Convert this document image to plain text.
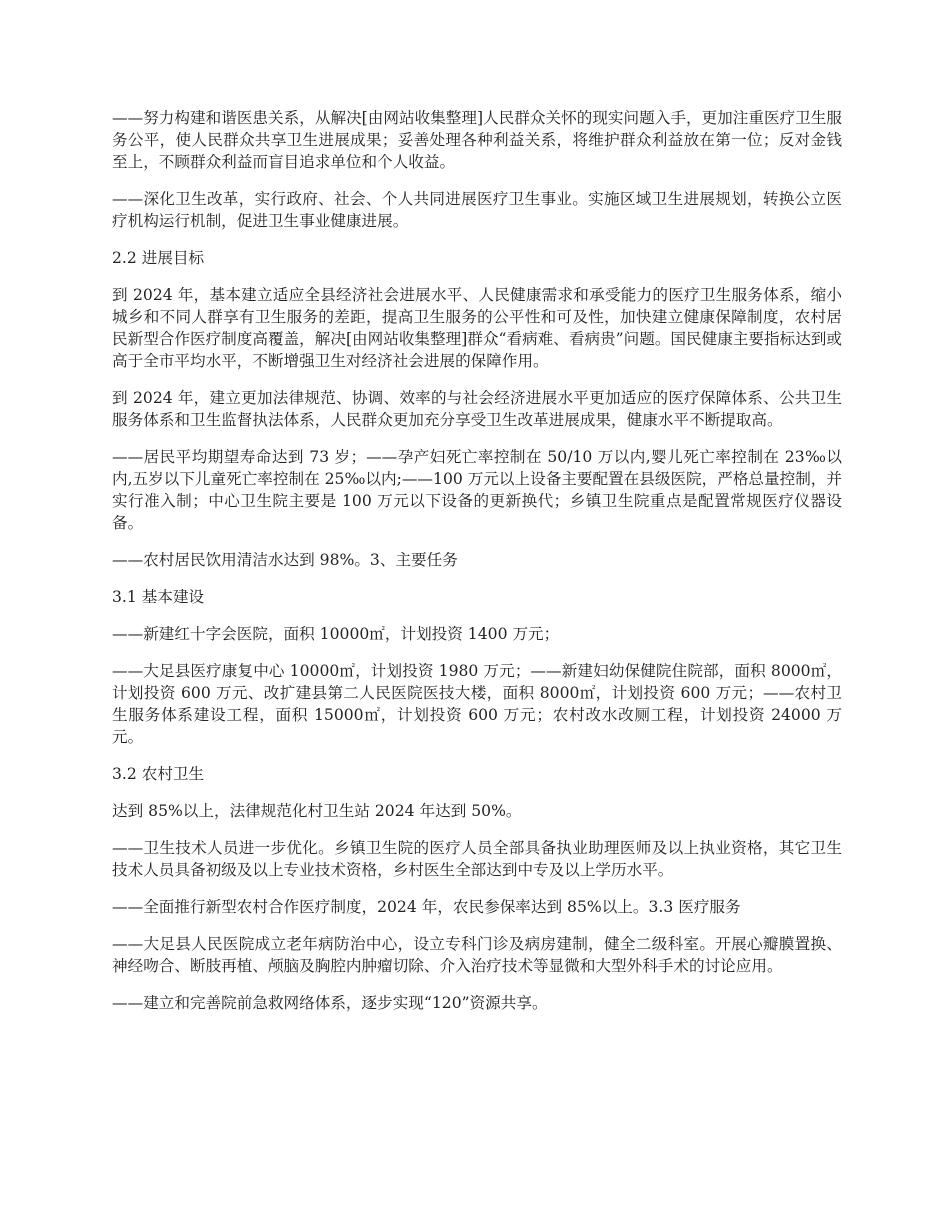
——努力构建和谐医患关系，从解决[由网站收集整理]人民群众关怀的现实问题入手，更加注重医疗卫生服务公平，使人民群众共享卫生进展成果；妥善处理各种利益关系，将维护群众利益放在第一位；反对金钱至上，不顾群众利益而盲目追求单位和个人收益。

——深化卫生改革，实行政府、社会、个人共同进展医疗卫生事业。实施区域卫生进展规划，转换公立医疗机构运行机制，促进卫生事业健康进展。

2.2 进展目标

到 2024 年，基本建立适应全县经济社会进展水平、人民健康需求和承受能力的医疗卫生服务体系，缩小城乡和不同人群享有卫生服务的差距，提高卫生服务的公平性和可及性，加快建立健康保障制度，农村居民新型合作医疗制度高覆盖，解决[由网站收集整理]群众“看病难、看病贵”问题。国民健康主要指标达到或高于全市平均水平，不断增强卫生对经济社会进展的保障作用。

到 2024 年，建立更加法律规范、协调、效率的与社会经济进展水平更加适应的医疗保障体系、公共卫生服务体系和卫生监督执法体系，人民群众更加充分享受卫生改革进展成果，健康水平不断提取高。

——居民平均期望寿命达到 73 岁；——孕产妇死亡率控制在 50/10 万以内,婴儿死亡率控制在 23‰以内,五岁以下儿童死亡率控制在 25‰以内;——100 万元以上设备主要配置在县级医院，严格总量控制，并实行准入制；中心卫生院主要是 100 万元以下设备的更新换代；乡镇卫生院重点是配置常规医疗仪器设备。

——农村居民饮用清洁水达到 98%。3、主要任务

3.1 基本建设

——新建红十字会医院，面积 10000㎡，计划投资 1400 万元；

——大足县医疗康复中心 10000㎡，计划投资 1980 万元；——新建妇幼保健院住院部，面积 8000㎡，计划投资 600 万元、改扩建县第二人民医院医技大楼，面积 8000㎡，计划投资 600 万元；——农村卫生服务体系建设工程，面积 15000㎡，计划投资 600 万元；农村改水改厕工程，计划投资 24000 万元。

3.2 农村卫生

达到 85%以上，法律规范化村卫生站 2024 年达到 50%。

——卫生技术人员进一步优化。乡镇卫生院的医疗人员全部具备执业助理医师及以上执业资格，其它卫生技术人员具备初级及以上专业技术资格，乡村医生全部达到中专及以上学历水平。

——全面推行新型农村合作医疗制度，2024 年，农民参保率达到 85%以上。3.3 医疗服务

——大足县人民医院成立老年病防治中心，设立专科门诊及病房建制，健全二级科室。开展心瓣膜置换、神经吻合、断肢再植、颅脑及胸腔内肿瘤切除、介入治疗技术等显微和大型外科手术的讨论应用。

——建立和完善院前急救网络体系，逐步实现“120”资源共享。
